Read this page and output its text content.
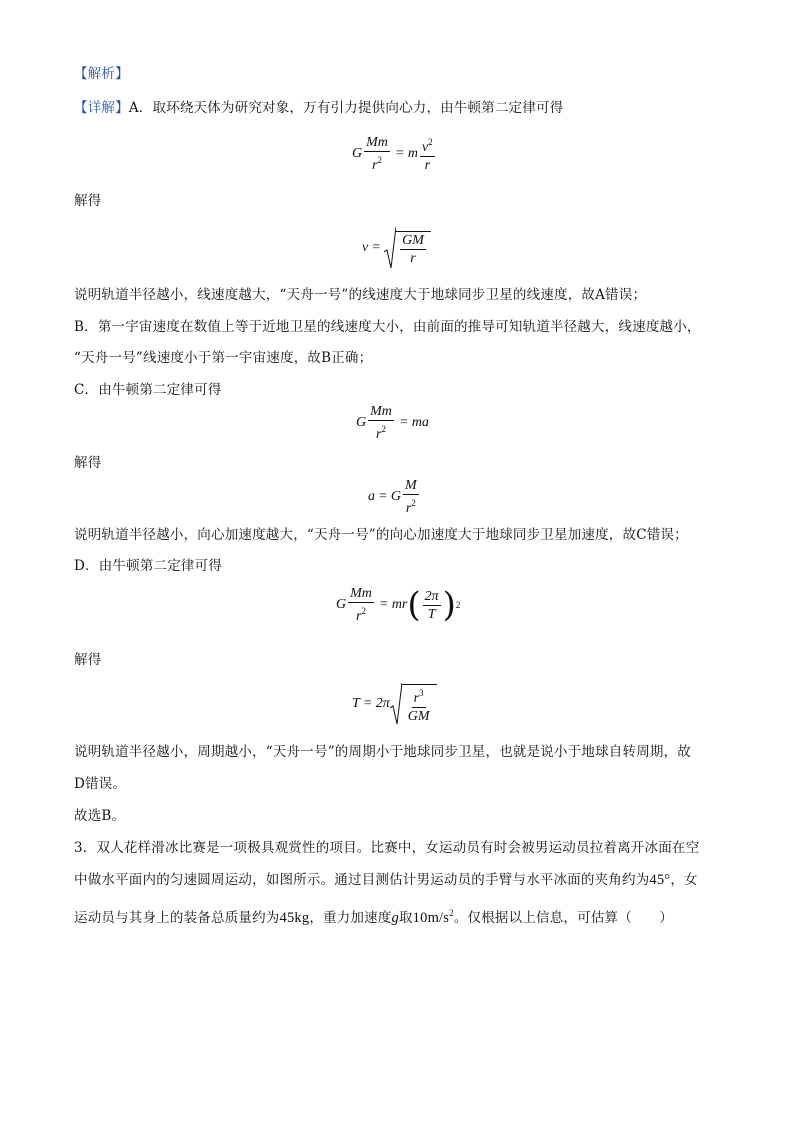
【解析】
【详解】A．取环绕天体为研究对象，万有引力提供向心力，由牛顿第二定律可得
G $\frac{Mm}{r^2} = m \frac{v^2}{r}$
解得
$v = \frac{GM}{r}$
说明轨道半径越小，线速度越大，“天舟一号”的线速度大于地球同步卫星的线速度，故A错误；
B．第一宇宙速度在数值上等于近地卫星的线速度大小，由前面的推导可知轨道半径越大，线速度越小，
“天舟一号”线速度小于第一宇宙速度，故B正确；
C．由牛顿第二定律可得
G $\frac{Mm}{r^2}$ = ma
解得
a = G $\frac{M}{r^2}$
说明轨道半径越小，向心加速度越大，“天舟一号”的向心加速度大于地球同步卫星加速度，故C错误；
D．由牛顿第二定律可得
G $\frac{Mm}{r^2}$ = mr ( $\frac{2\pi}{T}$ ) 2
解得
$T = 2\pi \frac{r^3}{GM}$
说明轨道半径越小，周期越小，“天舟一号”的周期小于地球同步卫星，也就是说小于地球自转周期，故
D错误。
故选B。
3．双人花样滑冰比赛是一项极具观赏性的项目。比赛中，女运动员有时会被男运动员拉着离开冰面在空
中做水平面内的匀速圆周运动，如图所示。通过目测估计男运动员的手臂与水平冰面的夹角约为45°，女
运动员与其身上的装备总质量约为45kg，重力加速度g取$10m/s^2$。仅根据以上信息，可估算（　　）
